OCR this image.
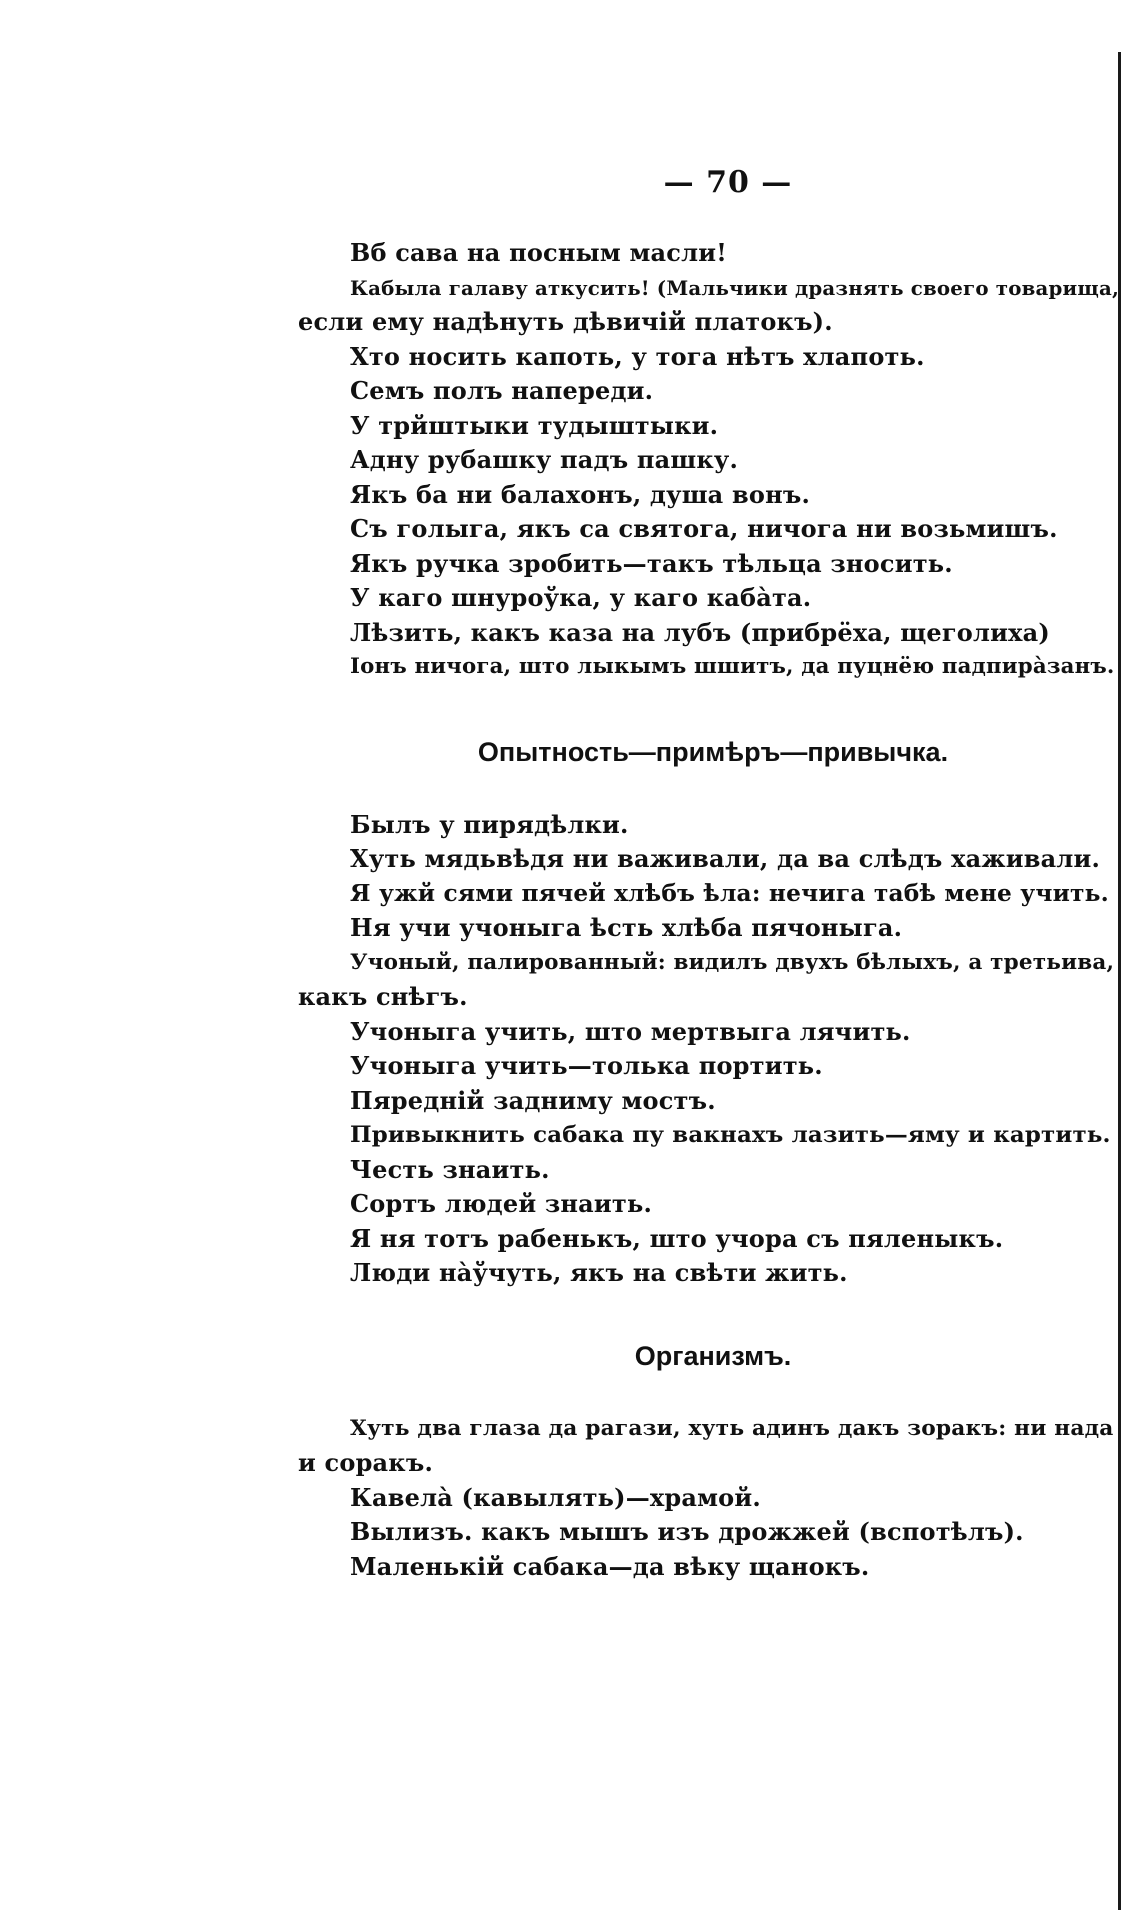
— 70 —
Вб сава на посным масли!
Кабыла галаву аткусить! (Мальчики дразнять своего товарища,
если ему надѣнуть дѣвичiй платокъ).
Хто носить капоть, у тога нѣтъ хлапоть.
Семъ полъ напереди.
У трйштыки тудыштыки.
Адну рубашку падъ пашку.
Якъ ба ни балахонъ, душа вонъ.
Съ голыга, якъ са святога, ничога ни возьмишъ.
Якъ ручка зробить—такъ тѣльца зносить.
У каго шнуроўка, у каго кабàта.
Лѣзить, какъ каза на лубъ (прибрёха, щеголиха)
Iонъ ничога, што лыкымъ шшитъ, да пуцнёю падпирàзанъ.
Опытность—примѣръ—привычка.
Былъ у пирядѣлки.
Хуть мядьвѣдя ни важивали, да ва слѣдъ хаживали.
Я ужй сями пячей хлѣбъ ѣла: нечига табѣ мене учить.
Ня учи учоныга ѣсть хлѣба пячоныга.
Учоный, палированный: видилъ двухъ бѣлыхъ, а третьива,
какъ снѣгъ.
Учоныга учить, што мертвыга лячить.
Учоныга учить—толька портить.
Пяреднiй задниму мостъ.
Привыкнить сабака пу вакнахъ лазить—яму и картить.
Честь знаить.
Сортъ людей знаить.
Я ня тотъ рабенькъ, што учора съ пяленыкъ.
Люди нàўчуть, якъ на свѣти жить.
Организмъ.
Хуть два глаза да рагази, хуть адинъ дакъ зоракъ: ни нада
и соракъ.
Кавелà (кавылять)—храмой.
Вылизъ. какъ мышъ изъ дрожжей (вспотѣлъ).
Маленькiй сабака—да вѣку щанокъ.
